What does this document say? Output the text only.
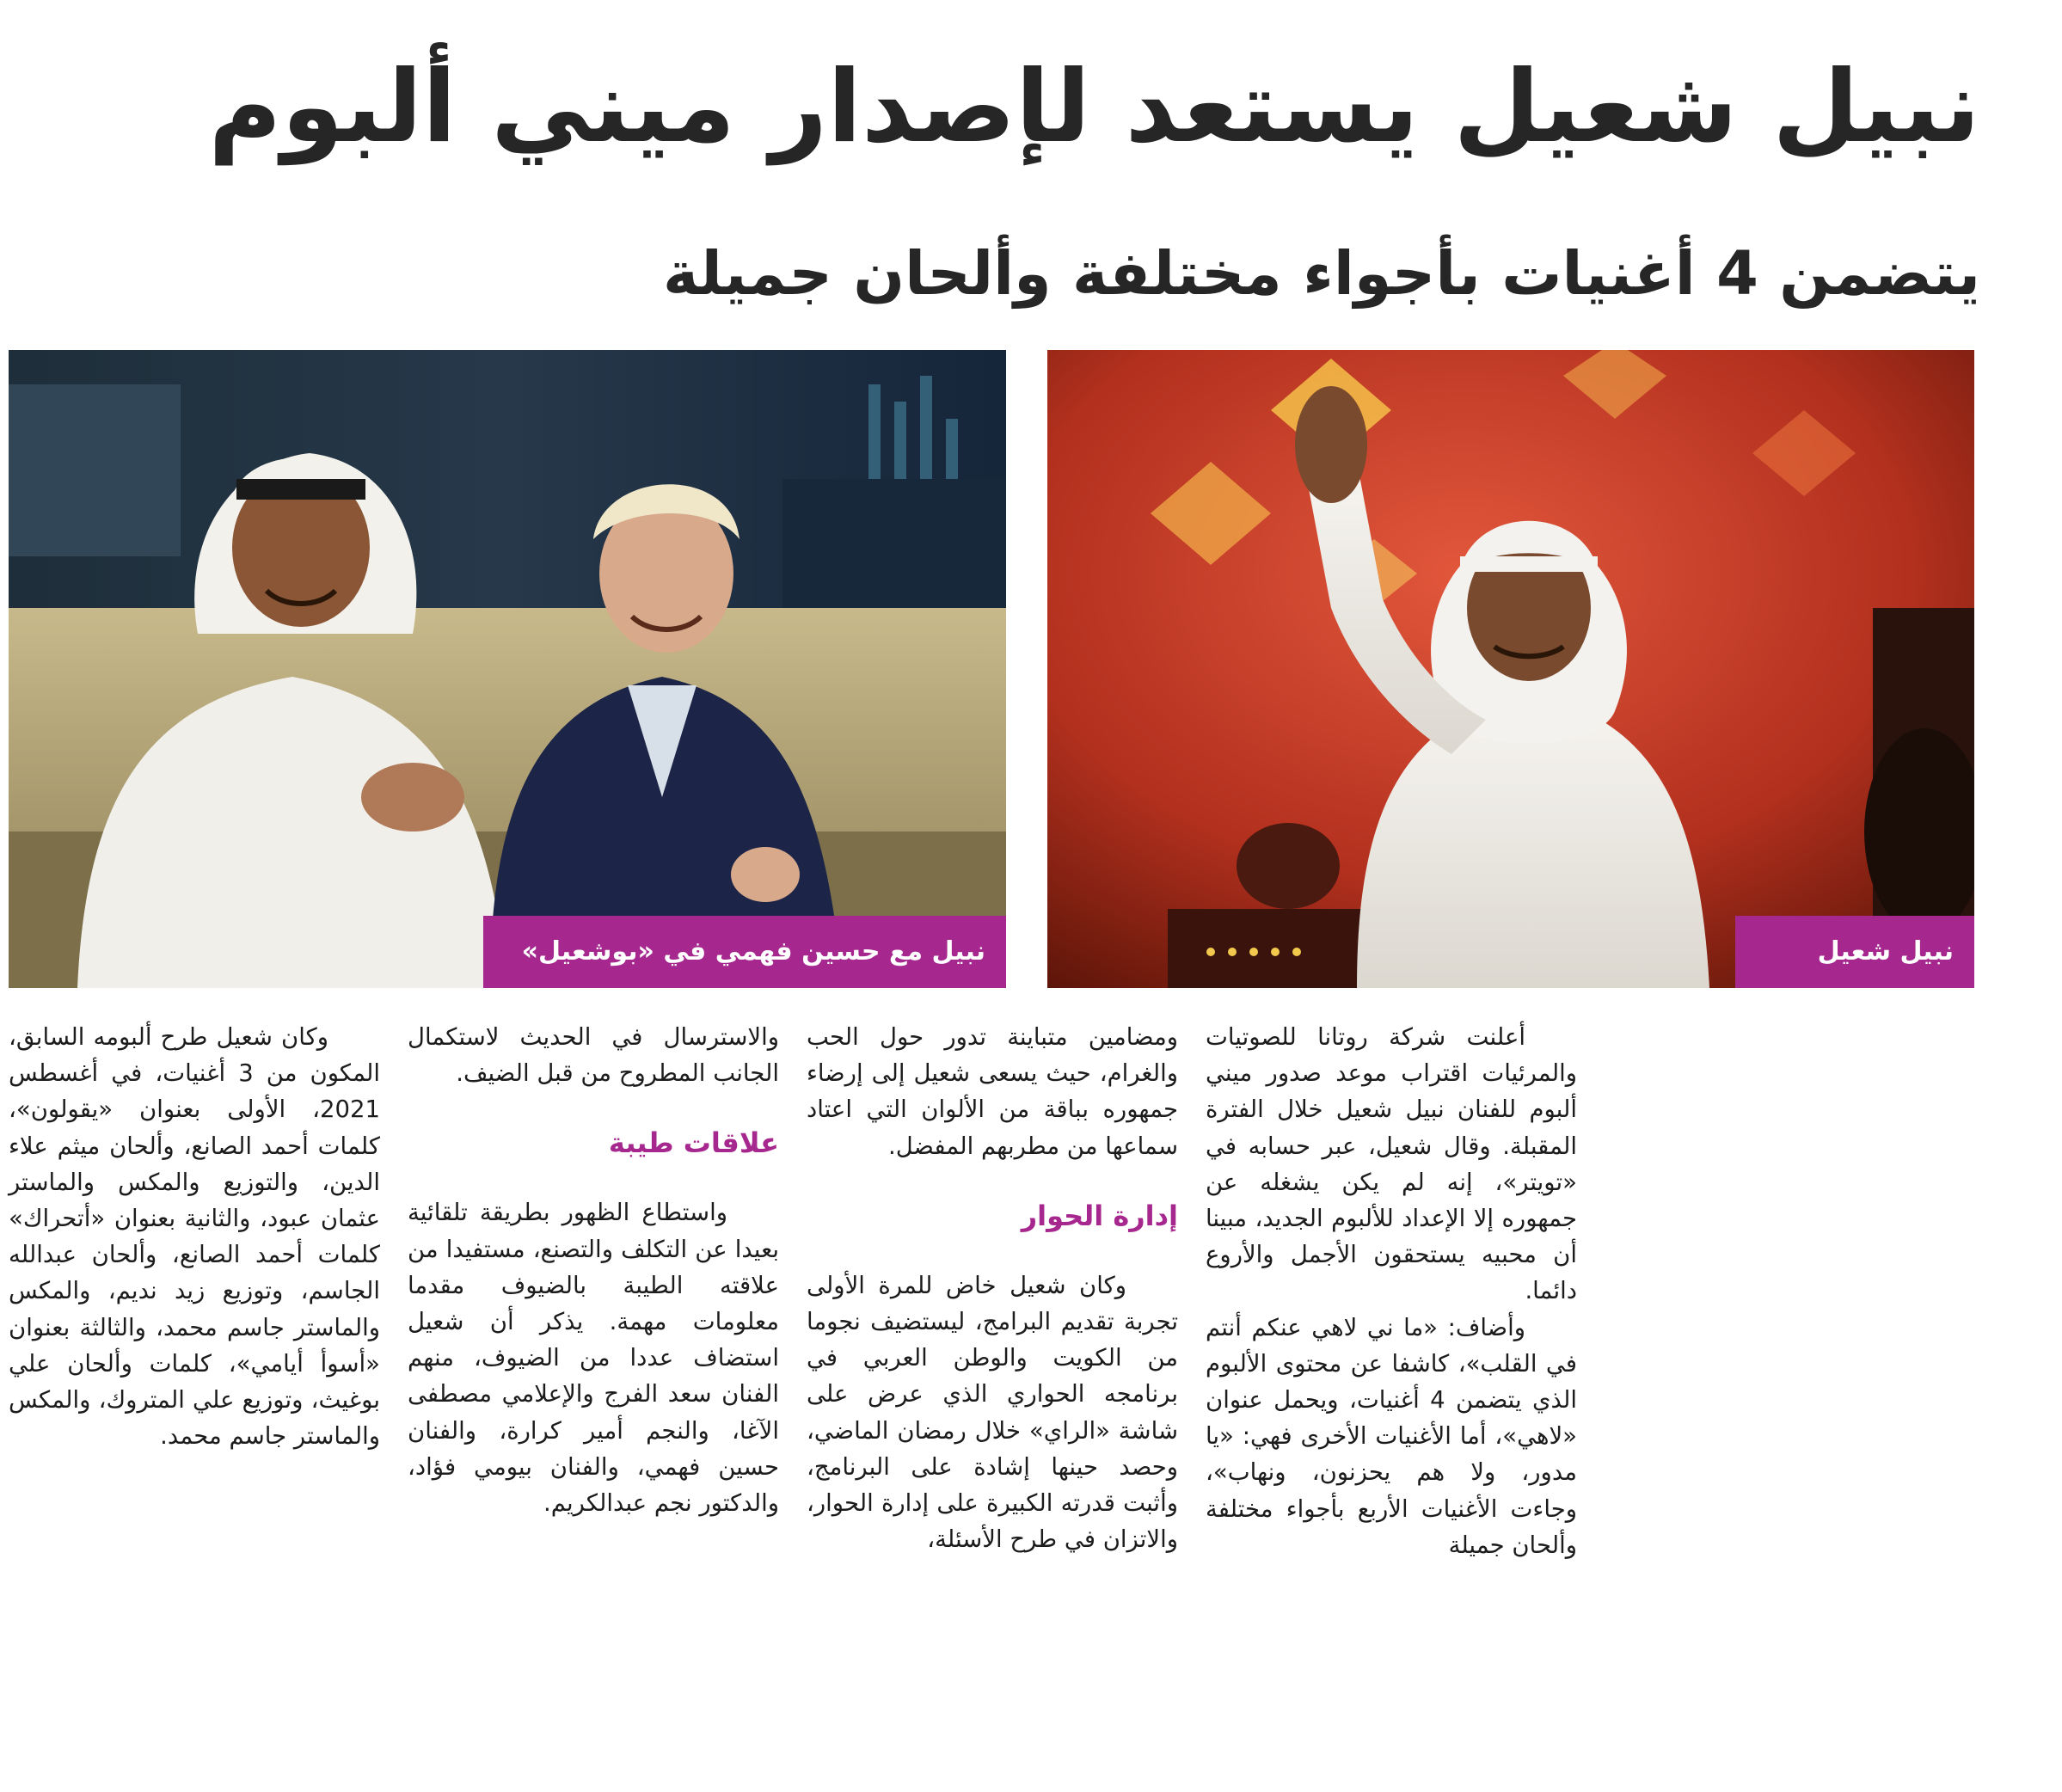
نبيل شعيل يستعد لإصدار ميني ألبوم
يتضمن 4 أغنيات بأجواء مختلفة وألحان جميلة
نبيل شعيل
نبيل مع حسين فهمي في «بوشعيل»

أعلنت شركة روتانا للصوتيات والمرئيات اقتراب موعد صدور ميني ألبوم للفنان نبيل شعيل خلال الفترة المقبلة. وقال شعيل، عبر حسابه في «تويتر»، إنه لم يكن يشغله عن جمهوره إلا الإعداد للألبوم الجديد، مبينا أن محبيه يستحقون الأجمل والأروع دائما.

وأضاف: «ما ني لاهي عنكم أنتم في القلب»، كاشفا عن محتوى الألبوم الذي يتضمن 4 أغنيات، ويحمل عنوان «لاهي»، أما الأغنيات الأخرى فهي: «يا مدور، ولا هم يحزنون، ونهاب»، وجاءت الأغنيات الأربع بأجواء مختلفة وألحان جميلة

ومضامين متباينة تدور حول الحب والغرام، حيث يسعى شعيل إلى إرضاء جمهوره بباقة من الألوان التي اعتاد سماعها من مطربهم المفضل.

إدارة الحوار

وكان شعيل خاض للمرة الأولى تجربة تقديم البرامج، ليستضيف نجوما من الكويت والوطن العربي في برنامجه الحواري الذي عرض على شاشة «الراي» خلال رمضان الماضي، وحصد حينها إشادة على البرنامج، وأثبت قدرته الكبيرة على إدارة الحوار، والاتزان في طرح الأسئلة،

والاسترسال في الحديث لاستكمال الجانب المطروح من قبل الضيف.

علاقات طيبة

واستطاع الظهور بطريقة تلقائية بعيدا عن التكلف والتصنع، مستفيدا من علاقته الطيبة بالضيوف مقدما معلومات مهمة. يذكر أن شعيل استضاف عددا من الضيوف، منهم الفنان سعد الفرج والإعلامي مصطفى الآغا، والنجم أمير كرارة، والفنان حسين فهمي، والفنان بيومي فؤاد، والدكتور نجم عبدالكريم.

وكان شعيل طرح ألبومه السابق، المكون من 3 أغنيات، في أغسطس 2021، الأولى بعنوان «يقولون»، كلمات أحمد الصانع، وألحان ميثم علاء الدين، والتوزيع والمكس والماستر عثمان عبود، والثانية بعنوان «أتحراك» كلمات أحمد الصانع، وألحان عبدالله الجاسم، وتوزيع زيد نديم، والمكس والماستر جاسم محمد، والثالثة بعنوان «أسوأ أيامي»، كلمات وألحان علي بوغيث، وتوزيع علي المتروك، والمكس والماستر جاسم محمد.
